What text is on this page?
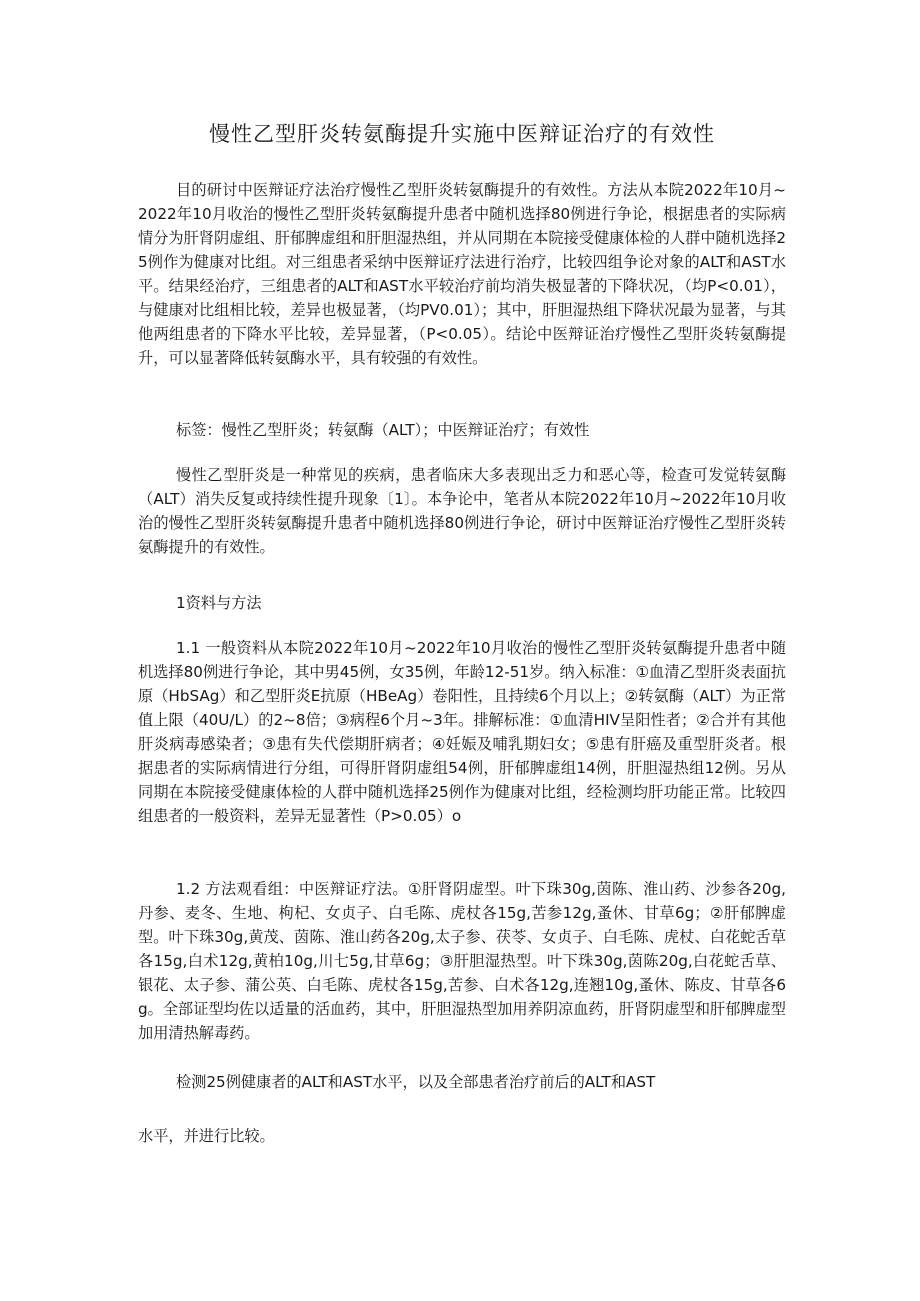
慢性乙型肝炎转氨酶提升实施中医辩证治疗的有效性

目的研讨中医辩证疗法治疗慢性乙型肝炎转氨酶提升的有效性。方法从本院2022年10月~2022年10月收治的慢性乙型肝炎转氨酶提升患者中随机选择80例进行争论，根据患者的实际病情分为肝肾阴虚组、肝郁脾虚组和肝胆湿热组，并从同期在本院接受健康体检的人群中随机选择25例作为健康对比组。对三组患者采纳中医辩证疗法进行治疗，比较四组争论对象的ALT和AST水平。结果经治疗，三组患者的ALT和AST水平较治疗前均消失极显著的下降状况，（均P<0.01），与健康对比组相比较，差异也极显著，（均PV0.01）；其中，肝胆湿热组下降状况最为显著，与其他两组患者的下降水平比较，差异显著，（P<0.05）。结论中医辩证治疗慢性乙型肝炎转氨酶提升，可以显著降低转氨酶水平，具有较强的有效性。

标签：慢性乙型肝炎；转氨酶（ALT）；中医辩证治疗；有效性

慢性乙型肝炎是一种常见的疾病，患者临床大多表现出乏力和恶心等，检查可发觉转氨酶（ALT）消失反复或持续性提升现象〔1〕。本争论中，笔者从本院2022年10月~2022年10月收治的慢性乙型肝炎转氨酶提升患者中随机选择80例进行争论，研讨中医辩证治疗慢性乙型肝炎转氨酶提升的有效性。

1资料与方法

1.1 一般资料从本院2022年10月~2022年10月收治的慢性乙型肝炎转氨酶提升患者中随机选择80例进行争论，其中男45例，女35例，年龄12-51岁。纳入标准：①血清乙型肝炎表面抗原（HbSAg）和乙型肝炎E抗原（HBeAg）卷阳性，且持续6个月以上；②转氨酶（ALT）为正常值上限（40U/L）的2~8倍；③病程6个月~3年。排解标准：①血清HIV呈阳性者；②合并有其他肝炎病毒感染者；③患有失代偿期肝病者；④妊娠及哺乳期妇女；⑤患有肝癌及重型肝炎者。根据患者的实际病情进行分组，可得肝肾阴虚组54例，肝郁脾虚组14例，肝胆湿热组12例。另从同期在本院接受健康体检的人群中随机选择25例作为健康对比组，经检测均肝功能正常。比较四组患者的一般资料，差异无显著性（P>0.05）o

1.2 方法观看组：中医辩证疗法。①肝肾阴虚型。叶下珠30g,茵陈、淮山药、沙参各20g,丹参、麦冬、生地、枸杞、女贞子、白毛陈、虎杖各15g,苦参12g,蚤休、甘草6g；②肝郁脾虚型。叶下珠30g,黄茂、茵陈、淮山药各20g,太子参、茯苓、女贞子、白毛陈、虎杖、白花蛇舌草各15g,白术12g,黄柏10g,川七5g,甘草6g；③肝胆湿热型。叶下珠30g,茵陈20g,白花蛇舌草、银花、太子参、蒲公英、白毛陈、虎杖各15g,苦参、白术各12g,连翘10g,蚤休、陈皮、甘草各6g。全部证型均佐以适量的活血药，其中，肝胆湿热型加用养阴凉血药，肝肾阴虚型和肝郁脾虚型加用清热解毒药。

检测25例健康者的ALT和AST水平，以及全部患者治疗前后的ALT和AST

水平，并进行比较。
